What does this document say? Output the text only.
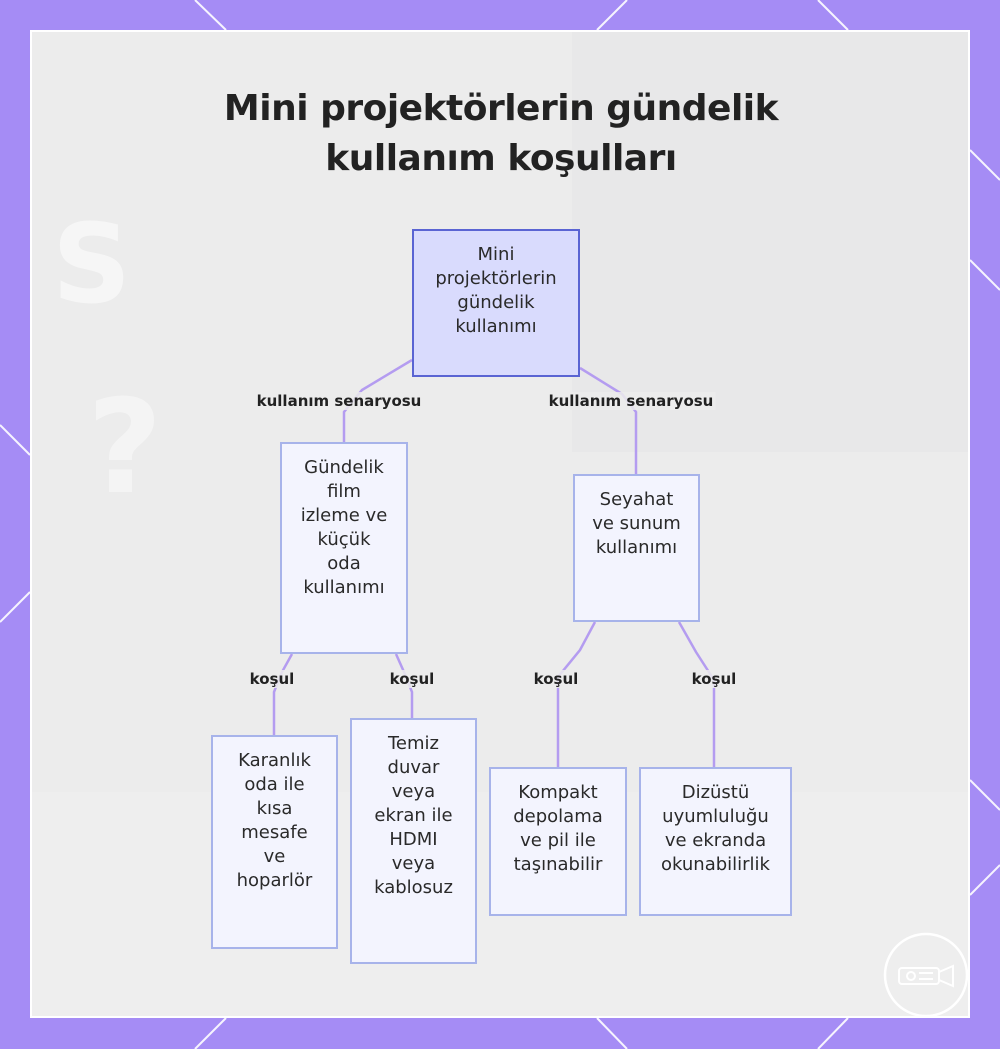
S
?
Mini projektörlerin gündelik
kullanım koşulları
Mini
projektörlerin
gündelik
kullanımı
Gündelik
film
izleme ve
küçük
oda
kullanımı
Seyahat
ve sunum
kullanımı
Karanlık
oda ile
kısa
mesafe
ve
hoparlör
Temiz
duvar
veya
ekran ile
HDMI
veya
kablosuz
Kompakt
depolama
ve pil ile
taşınabilir
Dizüstü
uyumluluğu
ve ekranda
okunabilirlik
kullanım senaryosu	kullanım senaryosu
koşul	koşul	koşul	koşul
